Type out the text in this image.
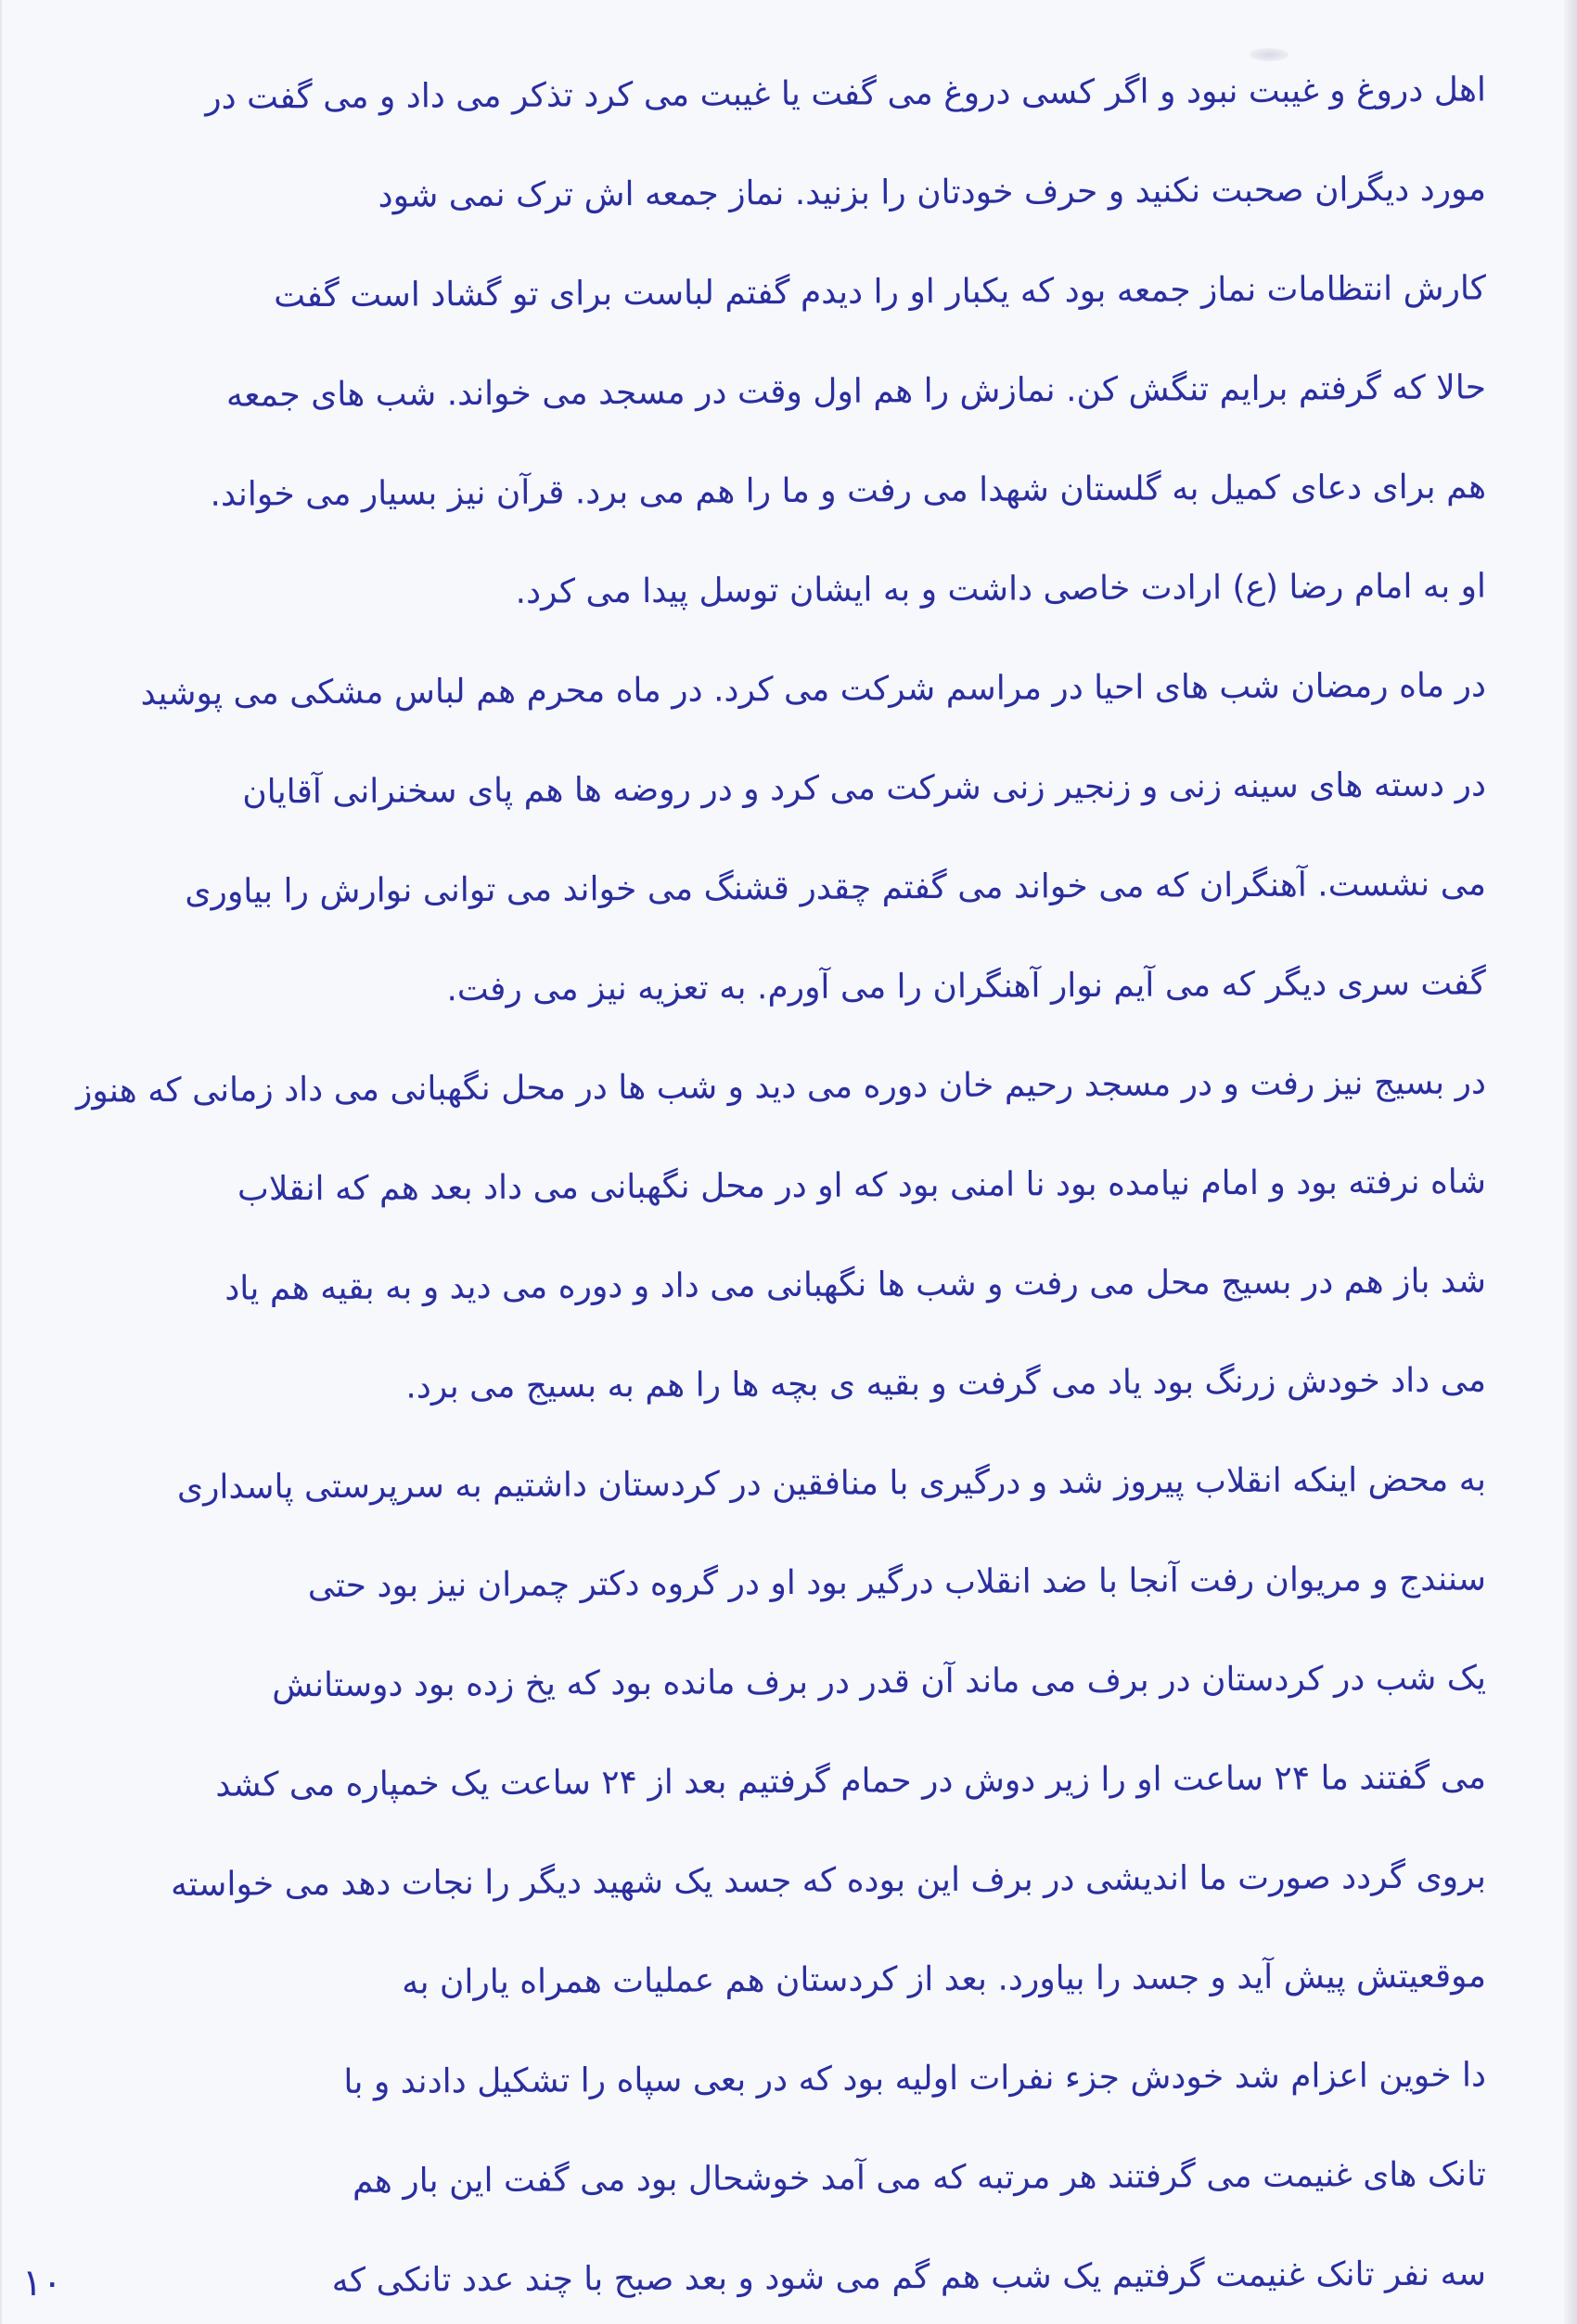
اهل دروغ و غیبت نبود و اگر کسی دروغ می گفت یا غیبت می کرد تذکر می داد و می گفت در
مورد دیگران صحبت نکنید و حرف خودتان را بزنید. نماز جمعه اش ترک نمی شود
کارش انتظامات نماز جمعه بود که یکبار او را دیدم گفتم لباست برای تو گشاد است گفت
حالا که گرفتم برایم تنگش کن. نمازش را هم اول وقت در مسجد می خواند. شب های جمعه
هم برای دعای کمیل به گلستان شهدا می رفت و ما را هم می برد. قرآن نیز بسیار می خواند.
او به امام رضا (ع) ارادت خاصی داشت و به ایشان توسل پیدا می کرد.
در ماه رمضان شب های احیا در مراسم شرکت می کرد. در ماه محرم هم لباس مشکی می پوشید
در دسته های سینه زنی و زنجیر زنی شرکت می کرد و در روضه ها هم پای سخنرانی آقایان
می نشست. آهنگران که می خواند می گفتم چقدر قشنگ می خواند می توانی نوارش را بیاوری
گفت سری دیگر که می آیم نوار آهنگران را می آورم. به تعزیه نیز می رفت.
در بسیج نیز رفت و در مسجد رحیم خان دوره می دید و شب ها در محل نگهبانی می داد زمانی که هنوز
شاه نرفته بود و امام نیامده بود نا امنی بود که او در محل نگهبانی می داد بعد هم که انقلاب
شد باز هم در بسیج محل می رفت و شب ها نگهبانی می داد و دوره می دید و به بقیه هم یاد
می داد خودش زرنگ بود یاد می گرفت و بقیه ی بچه ها را هم به بسیج می برد.
به محض اینکه انقلاب پیروز شد و درگیری با منافقین در کردستان داشتیم به سرپرستی پاسداری
سنندج و مریوان رفت آنجا با ضد انقلاب درگیر بود او در گروه دکتر چمران نیز بود حتی
یک شب در کردستان در برف می ماند آن قدر در برف مانده بود که یخ زده بود دوستانش
می گفتند ما ۲۴ ساعت او را زیر دوش در حمام گرفتیم بعد از ۲۴ ساعت یک خمپاره می کشد
بروی گردد صورت ما اندیشی در برف این بوده که جسد یک شهید دیگر را نجات دهد می خواسته
موقعیتش پیش آید و جسد را بیاورد. بعد از کردستان هم عملیات همراه یاران به
دا خوین اعزام شد خودش جزء نفرات اولیه بود که در بعی سپاه را تشکیل دادند و با
تانک های غنیمت می گرفتند هر مرتبه که می آمد خوشحال بود می گفت این بار هم
سه نفر تانک غنیمت گرفتیم یک شب هم گم می شود و بعد صبح با چند عدد تانکی که
۱۰
